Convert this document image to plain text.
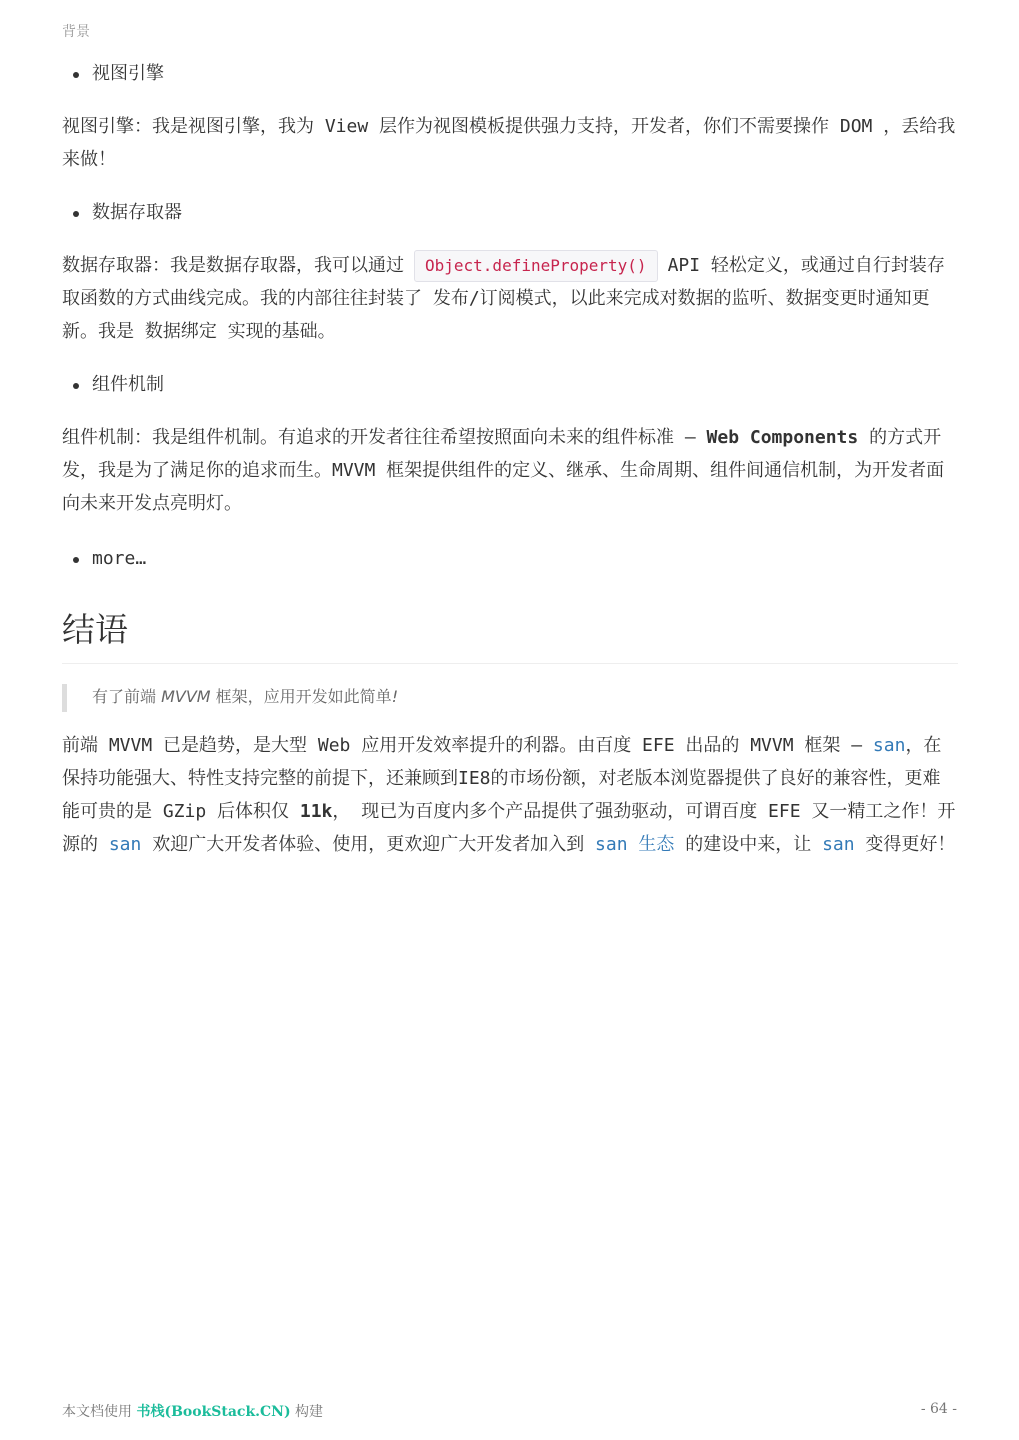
背景
视图引擎

视图引擎：我是视图引擎，我为 View 层作为视图模板提供强力支持，开发者，你们不需要操作 DOM ，丢给我来做！

数据存取器

数据存取器：我是数据存取器，我可以通过 Object.defineProperty() API 轻松定义，或通过自行封装存取函数的方式曲线完成。我的内部往往封装了 发布/订阅模式，以此来完成对数据的监听、数据变更时通知更新。我是 数据绑定 实现的基础。

组件机制

组件机制：我是组件机制。有追求的开发者往往希望按照面向未来的组件标准 — Web Components 的方式开发，我是为了满足你的追求而生。MVVM 框架提供组件的定义、继承、生命周期、组件间通信机制，为开发者面向未来开发点亮明灯。

more…
结语
有了前端 MVVM 框架，应用开发如此简单!

前端 MVVM 已是趋势，是大型 Web 应用开发效率提升的利器。由百度 EFE 出品的 MVVM 框架 — san，在保持功能强大、特性支持完整的前提下，还兼顾到IE8的市场份额，对老版本浏览器提供了良好的兼容性，更难能可贵的是 GZip 后体积仅 11k， 现已为百度内多个产品提供了强劲驱动，可谓百度 EFE 又一精工之作！开源的 san 欢迎广大开发者体验、使用，更欢迎广大开发者加入到 san 生态 的建设中来，让 san 变得更好！

本文档使用 书栈(BookStack.CN) 构建	- 64 -
